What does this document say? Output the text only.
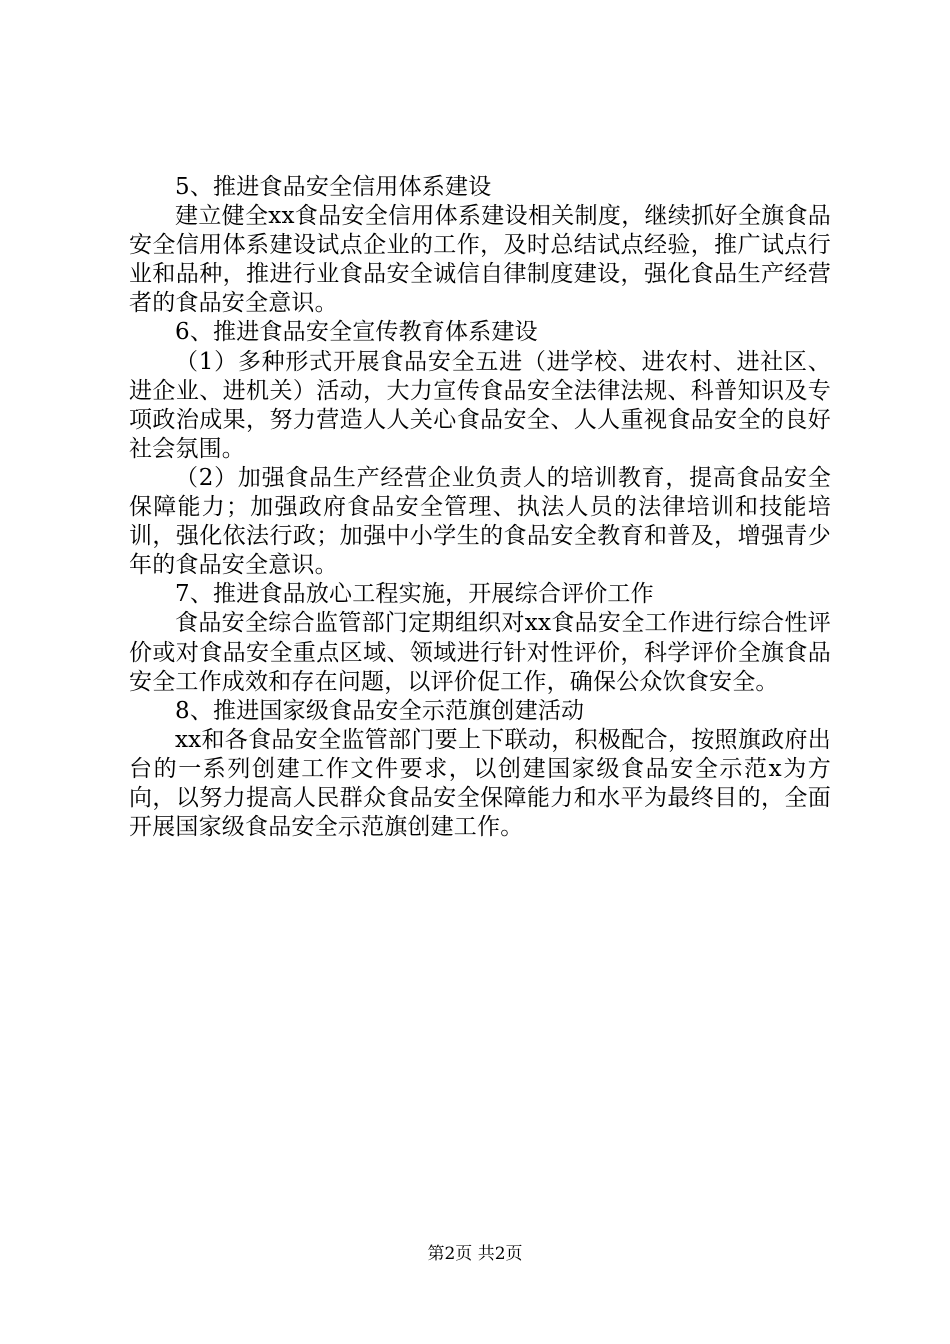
5、推进食品安全信用体系建设

建立健全xx食品安全信用体系建设相关制度，继续抓好全旗食品安全信用体系建设试点企业的工作，及时总结试点经验，推广试点行业和品种，推进行业食品安全诚信自律制度建设，强化食品生产经营者的食品安全意识。

6、推进食品安全宣传教育体系建设

（1）多种形式开展食品安全五进（进学校、进农村、进社区、进企业、进机关）活动，大力宣传食品安全法律法规、科普知识及专项政治成果，努力营造人人关心食品安全、人人重视食品安全的良好社会氛围。

（2）加强食品生产经营企业负责人的培训教育，提高食品安全保障能力；加强政府食品安全管理、执法人员的法律培训和技能培训，强化依法行政；加强中小学生的食品安全教育和普及，增强青少年的食品安全意识。

7、推进食品放心工程实施，开展综合评价工作

食品安全综合监管部门定期组织对xx食品安全工作进行综合性评价或对食品安全重点区域、领域进行针对性评价，科学评价全旗食品安全工作成效和存在问题，以评价促工作，确保公众饮食安全。

8、推进国家级食品安全示范旗创建活动

xx和各食品安全监管部门要上下联动，积极配合，按照旗政府出台的一系列创建工作文件要求，以创建国家级食品安全示范x为方向，以努力提高人民群众食品安全保障能力和水平为最终目的，全面开展国家级食品安全示范旗创建工作。

第2页 共2页
